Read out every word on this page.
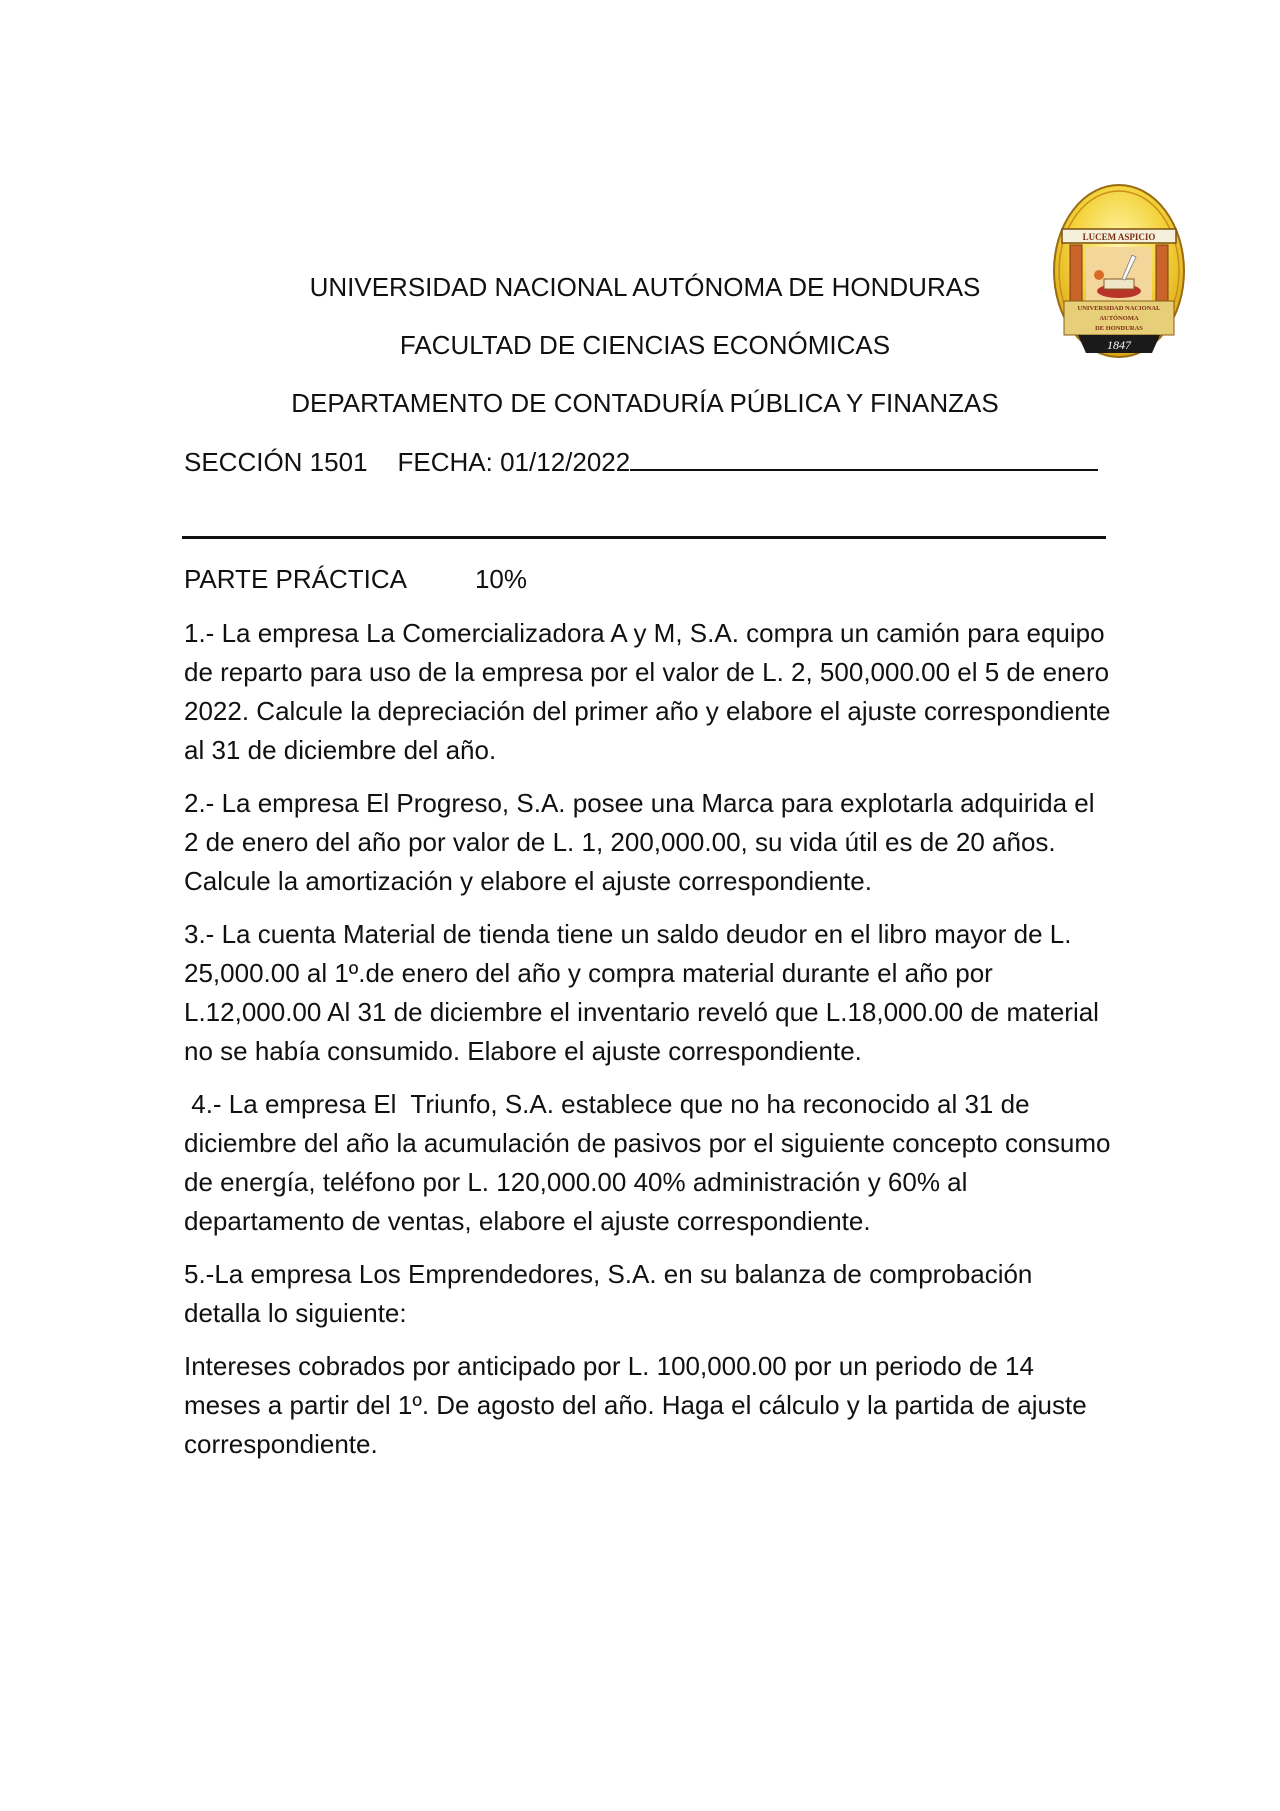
LUCEM ASPICIO
UNIVERSIDAD NACIONAL
AUTÓNOMA
DE HONDURAS
1847
UNIVERSIDAD NACIONAL AUTÓNOMA DE HONDURAS
FACULTAD DE CIENCIAS ECONÓMICAS
DEPARTAMENTO DE CONTADURÍA PÚBLICA Y FINANZAS
SECCIÓN 1501 FECHA: 01/12/2022
PARTE PRÁCTICA	10%

1.- La empresa La Comercializadora A y M, S.A. compra un camión para equipo de reparto para uso de la empresa por el valor de L. 2, 500,000.00 el 5 de enero 2022. Calcule la depreciación del primer año y elabore el ajuste correspondiente al 31 de diciembre del año.

2.- La empresa El Progreso, S.A. posee una Marca para explotarla adquirida el 2 de enero del año por valor de L. 1, 200,000.00, su vida útil es de 20 años. Calcule la amortización y elabore el ajuste correspondiente.

3.- La cuenta Material de tienda tiene un saldo deudor en el libro mayor de L. 25,000.00 al 1º.de enero del año y compra material durante el año por L.12,000.00 Al 31 de diciembre el inventario reveló que L.18,000.00 de material no se había consumido. Elabore el ajuste correspondiente.

4.- La empresa El  Triunfo, S.A. establece que no ha reconocido al 31 de diciembre del año la acumulación de pasivos por el siguiente concepto consumo de energía, teléfono por L. 120,000.00 40% administración y 60% al departamento de ventas, elabore el ajuste correspondiente.

5.-La empresa Los Emprendedores, S.A. en su balanza de comprobación detalla lo siguiente:

Intereses cobrados por anticipado por L. 100,000.00 por un periodo de 14 meses a partir del 1º. De agosto del año. Haga el cálculo y la partida de ajuste correspondiente.
